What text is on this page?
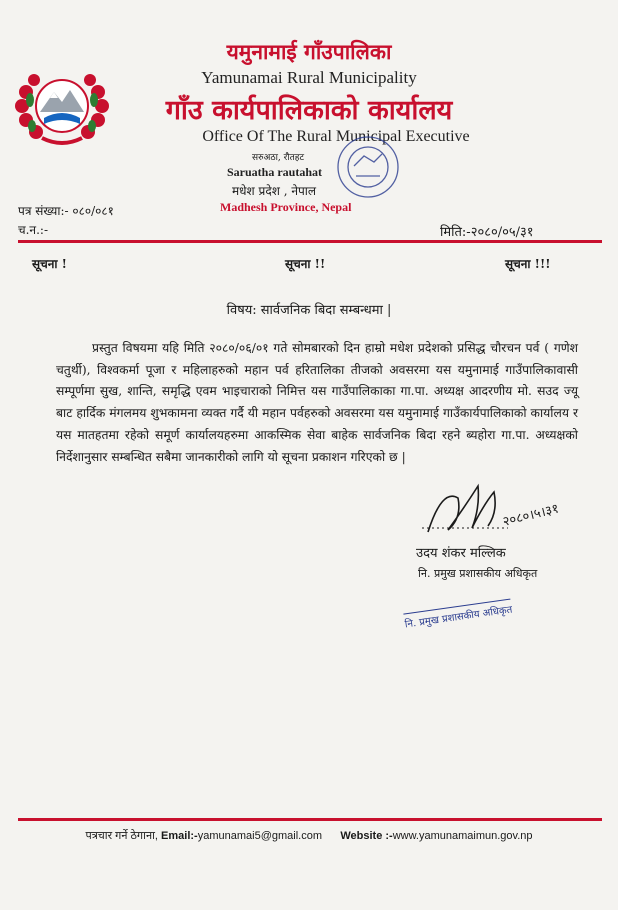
यमुनामाई गाँउपालिका
Yamunamai Rural Municipality
गाँउ कार्यपालिकाको कार्यालय
Office Of The Rural Municipal Executive
सरुअठा, रौतहट
Saruatha rautahat
मधेश प्रदेश , नेपाल
Madhesh Province, Nepal
पत्र संख्या:- ०८०/०८१
च.न.:-	मिति:-२०८०/०५/३१
सूचना !	सूचना !!	सूचना !!!
विषय: सार्वजनिक बिदा सम्बन्धमा |

प्रस्तुत विषयमा यहि मिति २०८०/०६/०१ गते सोमबारको दिन हाम्रो मधेश प्रदेशको प्रसिद्ध चौरचन पर्व ( गणेश चतुर्थी), विश्वकर्मा पूजा र महिलाहरुको महान पर्व हरितालिका तीजको अवसरमा यस यमुनामाई गाउँपालिकावासी सम्पूर्णमा सुख, शान्ति, समृद्धि एवम भाइचाराको निमित्त यस गाउँपालिकाका गा.पा. अध्यक्ष आदरणीय मो. सउद ज्यू बाट हार्दिक मंगलमय शुभकामना व्यक्त गर्दै यी महान पर्वहरुको अवसरमा यस यमुनामाई गाउँकार्यपालिकाको कार्यालय र यस मातहतमा रहेको समूर्ण कार्यालयहरुमा आकस्मिक सेवा बाहेक सार्वजनिक बिदा रहने ब्यहोरा गा.पा. अध्यक्षको निर्देशानुसार सम्बन्धित सबैमा जानकारीको लागि यो सूचना प्रकाशन गरिएको छ |

२०८०।५।३१
उदय शंकर मल्लिक
नि. प्रमुख प्रशासकीय अधिकृत
नि. प्रमुख प्रशासकीय अधिकृत
पत्रचार गर्ने ठेगाना, Email:-yamunamai5@gmail.com Website :-www.yamunamaimun.gov.np
